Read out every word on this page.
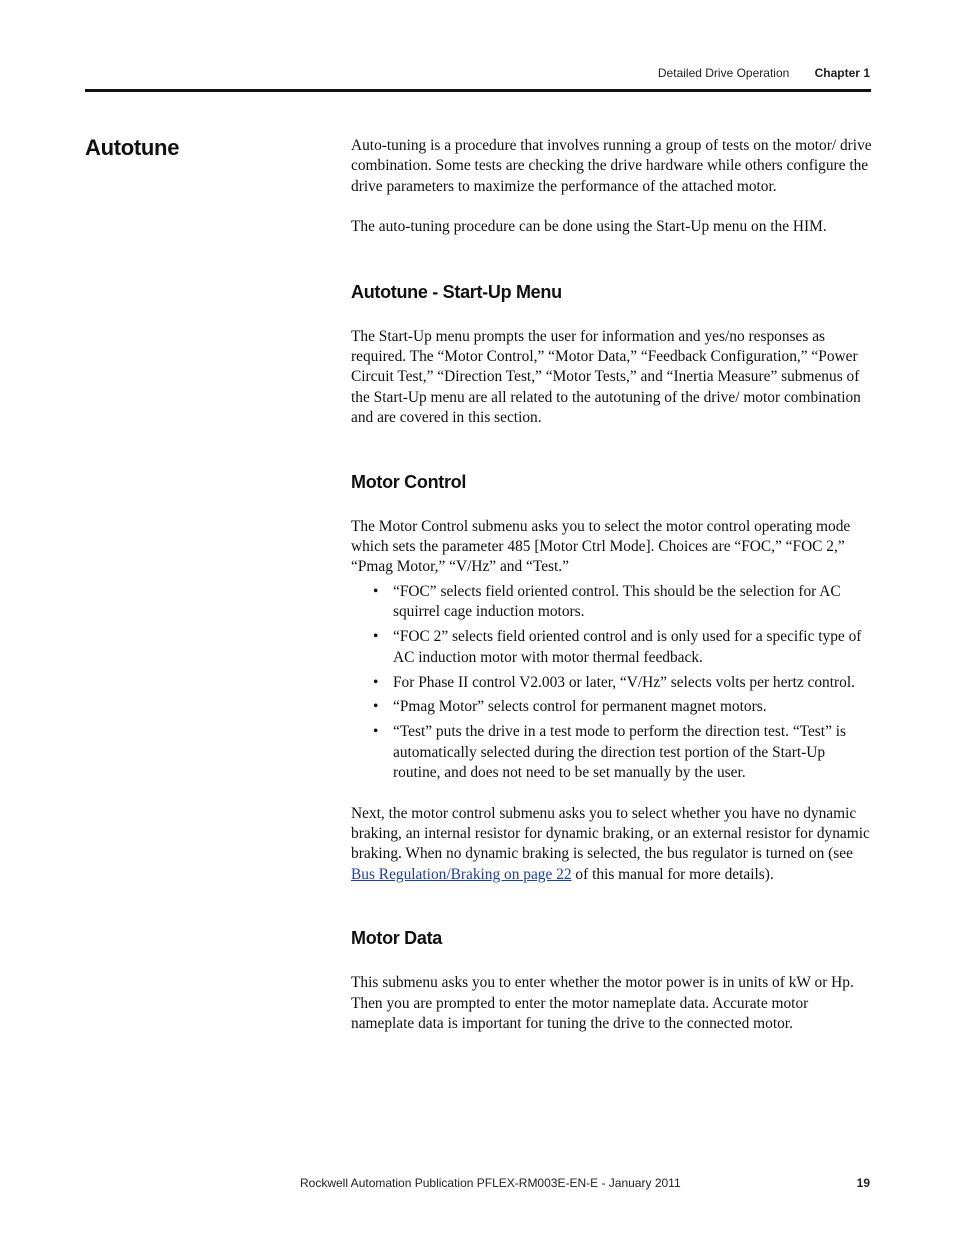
Detailed Drive Operation Chapter 1
Autotune	Auto-tuning is a procedure that involves running a group of tests on the motor/ drive combination. Some tests are checking the drive hardware while others configure the drive parameters to maximize the performance of the attached motor.

The auto-tuning procedure can be done using the Start-Up menu on the HIM.

Autotune - Start-Up Menu

The Start-Up menu prompts the user for information and yes/no responses as required. The “Motor Control,” “Motor Data,” “Feedback Configuration,” “Power Circuit Test,” “Direction Test,” “Motor Tests,” and “Inertia Measure” submenus of the Start-Up menu are all related to the autotuning of the drive/ motor combination and are covered in this section.

Motor Control

The Motor Control submenu asks you to select the motor control operating mode which sets the parameter 485 [Motor Ctrl Mode]. Choices are “FOC,” “FOC 2,” “Pmag Motor,” “V/Hz” and “Test.”

• “FOC” selects field oriented control. This should be the selection for AC squirrel cage induction motors.
• “FOC 2” selects field oriented control and is only used for a specific type of AC induction motor with motor thermal feedback.
• For Phase II control V2.003 or later, “V/Hz” selects volts per hertz control.
• “Pmag Motor” selects control for permanent magnet motors.
• “Test” puts the drive in a test mode to perform the direction test. “Test” is automatically selected during the direction test portion of the Start-Up routine, and does not need to be set manually by the user.

Next, the motor control submenu asks you to select whether you have no dynamic braking, an internal resistor for dynamic braking, or an external resistor for dynamic braking. When no dynamic braking is selected, the bus regulator is turned on (see Bus Regulation/Braking on page 22 of this manual for more details).

Motor Data

This submenu asks you to enter whether the motor power is in units of kW or Hp. Then you are prompted to enter the motor nameplate data. Accurate motor nameplate data is important for tuning the drive to the connected motor.

Rockwell Automation Publication PFLEX-RM003E-EN-E - January 2011	19
